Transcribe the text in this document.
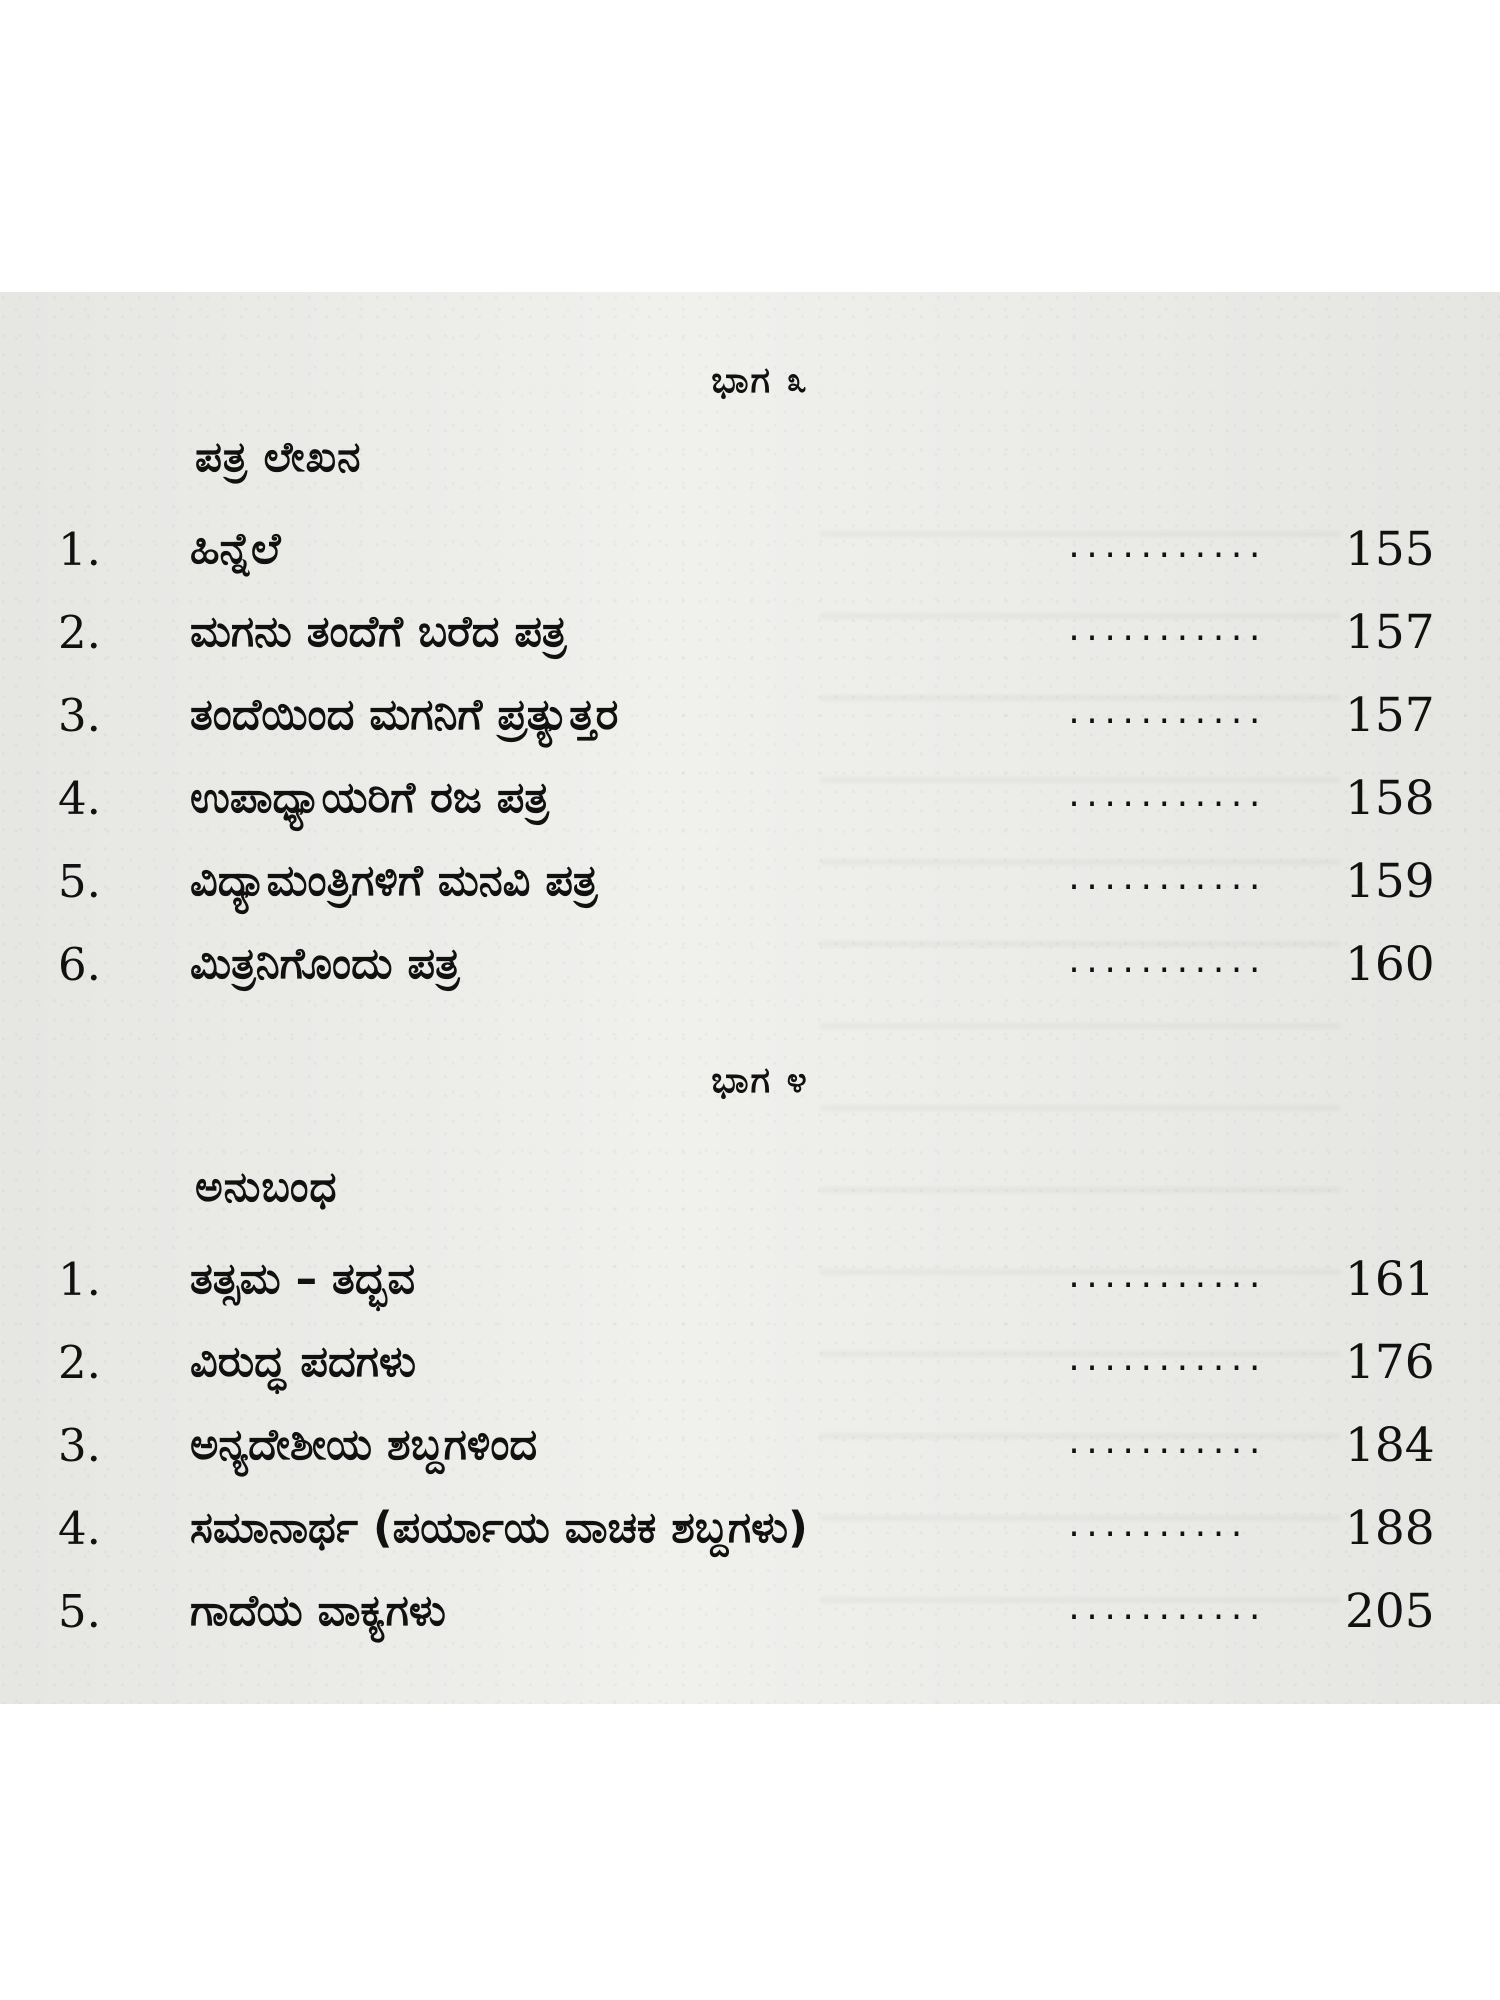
ಭಾಗ ೩
ಪತ್ರ ಲೇಖನ
1.	ಹಿನ್ನೆಲೆ	...........	155
2.	ಮಗನು ತಂದೆಗೆ ಬರೆದ ಪತ್ರ	...........	157
3.	ತಂದೆಯಿಂದ ಮಗನಿಗೆ ಪ್ರತ್ಯುತ್ತರ	...........	157
4.	ಉಪಾಧ್ಯಾಯರಿಗೆ ರಜ ಪತ್ರ	...........	158
5.	ವಿದ್ಯಾಮಂತ್ರಿಗಳಿಗೆ ಮನವಿ ಪತ್ರ	...........	159
6.	ಮಿತ್ರನಿಗೊಂದು ಪತ್ರ	...........	160
ಭಾಗ ೪
ಅನುಬಂಧ
1.	ತತ್ಸಮ – ತದ್ಭವ	...........	161
2.	ವಿರುದ್ಧ ಪದಗಳು	...........	176
3.	ಅನ್ಯದೇಶೀಯ ಶಬ್ದಗಳಿಂದ	...........	184
4.	ಸಮಾನಾರ್ಥ (ಪರ್ಯಾಯ ವಾಚಕ ಶಬ್ದಗಳು)	..........	188
5.	ಗಾದೆಯ ವಾಕ್ಯಗಳು	...........	205
